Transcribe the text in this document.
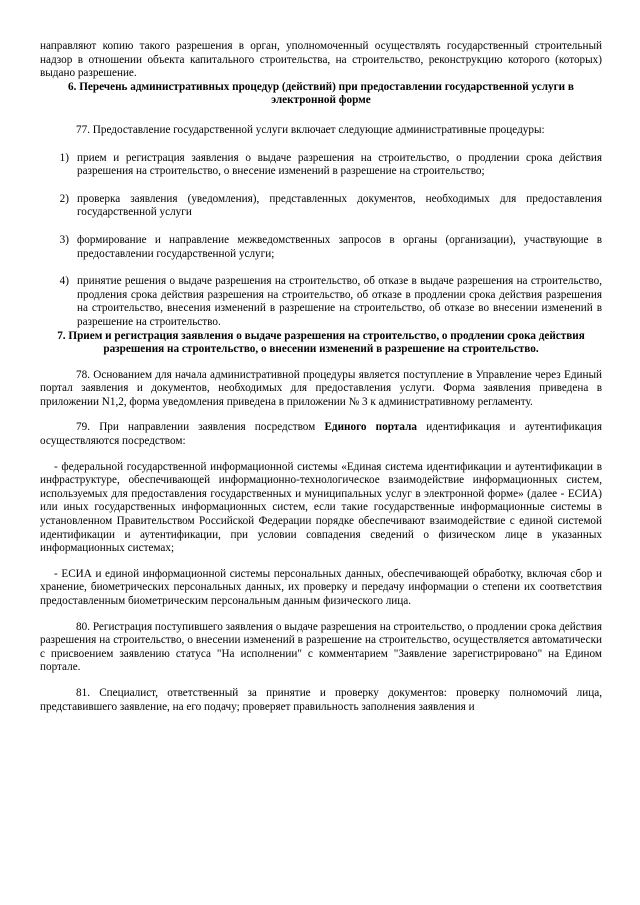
направляют копию такого разрешения в орган, уполномоченный осуществлять государственный строительный надзор в отношении объекта капитального строительства, на строительство, реконструкцию которого (которых) выдано разрешение.

6. Перечень административных процедур (действий) при предоставлении государственной услуги в электронной форме

77. Предоставление государственной услуги включает следующие административные процедуры:

1) прием и регистрация заявления о выдаче разрешения на строительство, о продлении срока действия разрешения на строительство, о внесение изменений в разрешение на строительство;
2) проверка заявления (уведомления), представленных документов, необходимых для предоставления государственной услуги
3) формирование и направление межведомственных запросов в органы (организации), участвующие в предоставлении государственной услуги;
4) принятие решения о выдаче разрешения на строительство, об отказе в выдаче разрешения на строительство, продления срока действия разрешения на строительство, об отказе в продлении срока действия разрешения на строительство, внесения изменений в разрешение на строительство, об отказе во внесении изменений в разрешение на строительство.

7. Прием и регистрация заявления о выдаче разрешения на строительство, о продлении срока действия разрешения на строительство, о внесении изменений в разрешение на строительство.

78. Основанием для начала административной процедуры является поступление в Управление через Единый портал заявления и документов, необходимых для предоставления услуги. Форма заявления приведена в приложении N1,2, форма уведомления приведена в приложении № 3 к административному регламенту.

79. При направлении заявления посредством Единого портала идентификация и аутентификация осуществляются посредством:

- федеральной государственной информационной системы «Единая система идентификации и аутентификации в инфраструктуре, обеспечивающей информационно-технологическое взаимодействие информационных систем, используемых для предоставления государственных и муниципальных услуг в электронной форме» (далее - ЕСИА) или иных государственных информационных систем, если такие государственные информационные системы в установленном Правительством Российской Федерации порядке обеспечивают взаимодействие с единой системой идентификации и аутентификации, при условии совпадения сведений о физическом лице в указанных информационных системах;

- ЕСИА и единой информационной системы персональных данных, обеспечивающей обработку, включая сбор и хранение, биометрических персональных данных, их проверку и передачу информации о степени их соответствия предоставленным биометрическим персональным данным физического лица.

80. Регистрация поступившего заявления о выдаче разрешения на строительство, о продлении срока действия разрешения на строительство, о внесении изменений в разрешение на строительство, осуществляется автоматически с присвоением заявлению статуса "На исполнении" с комментарием "Заявление зарегистрировано" на Едином портале.

81. Специалист, ответственный за принятие и проверку документов: проверку полномочий лица, представившего заявление, на его подачу; проверяет правильность заполнения заявления и
